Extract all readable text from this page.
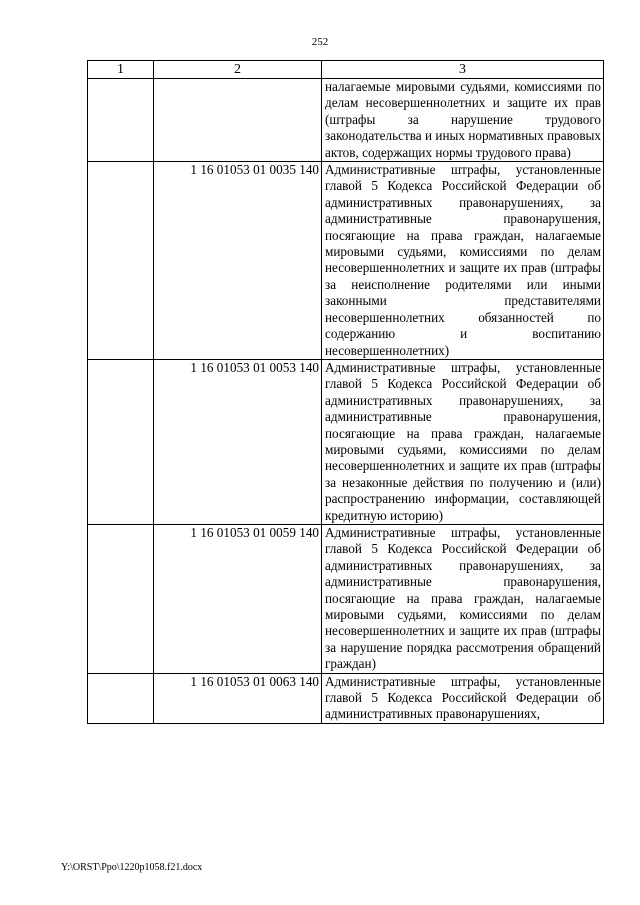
252
1	2	3
		налагаемые мировыми судьями, комиссиями по делам несовершеннолетних и защите их прав (штрафы за нарушение трудового законодательства и иных нормативных правовых актов, содержащих нормы трудового права)
	1 16 01053 01 0035 140	Административные штрафы, установленные главой 5 Кодекса Российской Федерации об административных правонарушениях, за административные правонарушения, посягающие на права граждан, налагаемые мировыми судьями, комиссиями по делам несовершеннолетних и защите их прав (штрафы за неисполнение родителями или иными законными представителями несовершеннолетних обязанностей по содержанию и воспитанию несовершеннолетних)
	1 16 01053 01 0053 140	Административные штрафы, установленные главой 5 Кодекса Российской Федерации об административных правонарушениях, за административные правонарушения, посягающие на права граждан, налагаемые мировыми судьями, комиссиями по делам несовершеннолетних и защите их прав (штрафы за незаконные действия по получению и (или) распространению информации, составляющей кредитную историю)
	1 16 01053 01 0059 140	Административные штрафы, установленные главой 5 Кодекса Российской Федерации об административных правонарушениях, за административные правонарушения, посягающие на права граждан, налагаемые мировыми судьями, комиссиями по делам несовершеннолетних и защите их прав (штрафы за нарушение порядка рассмотрения обращений граждан)
	1 16 01053 01 0063 140	Административные штрафы, установленные главой 5 Кодекса Российской Федерации об административных правонарушениях,
Y:\ORST\Ppo\1220p1058.f21.docx
